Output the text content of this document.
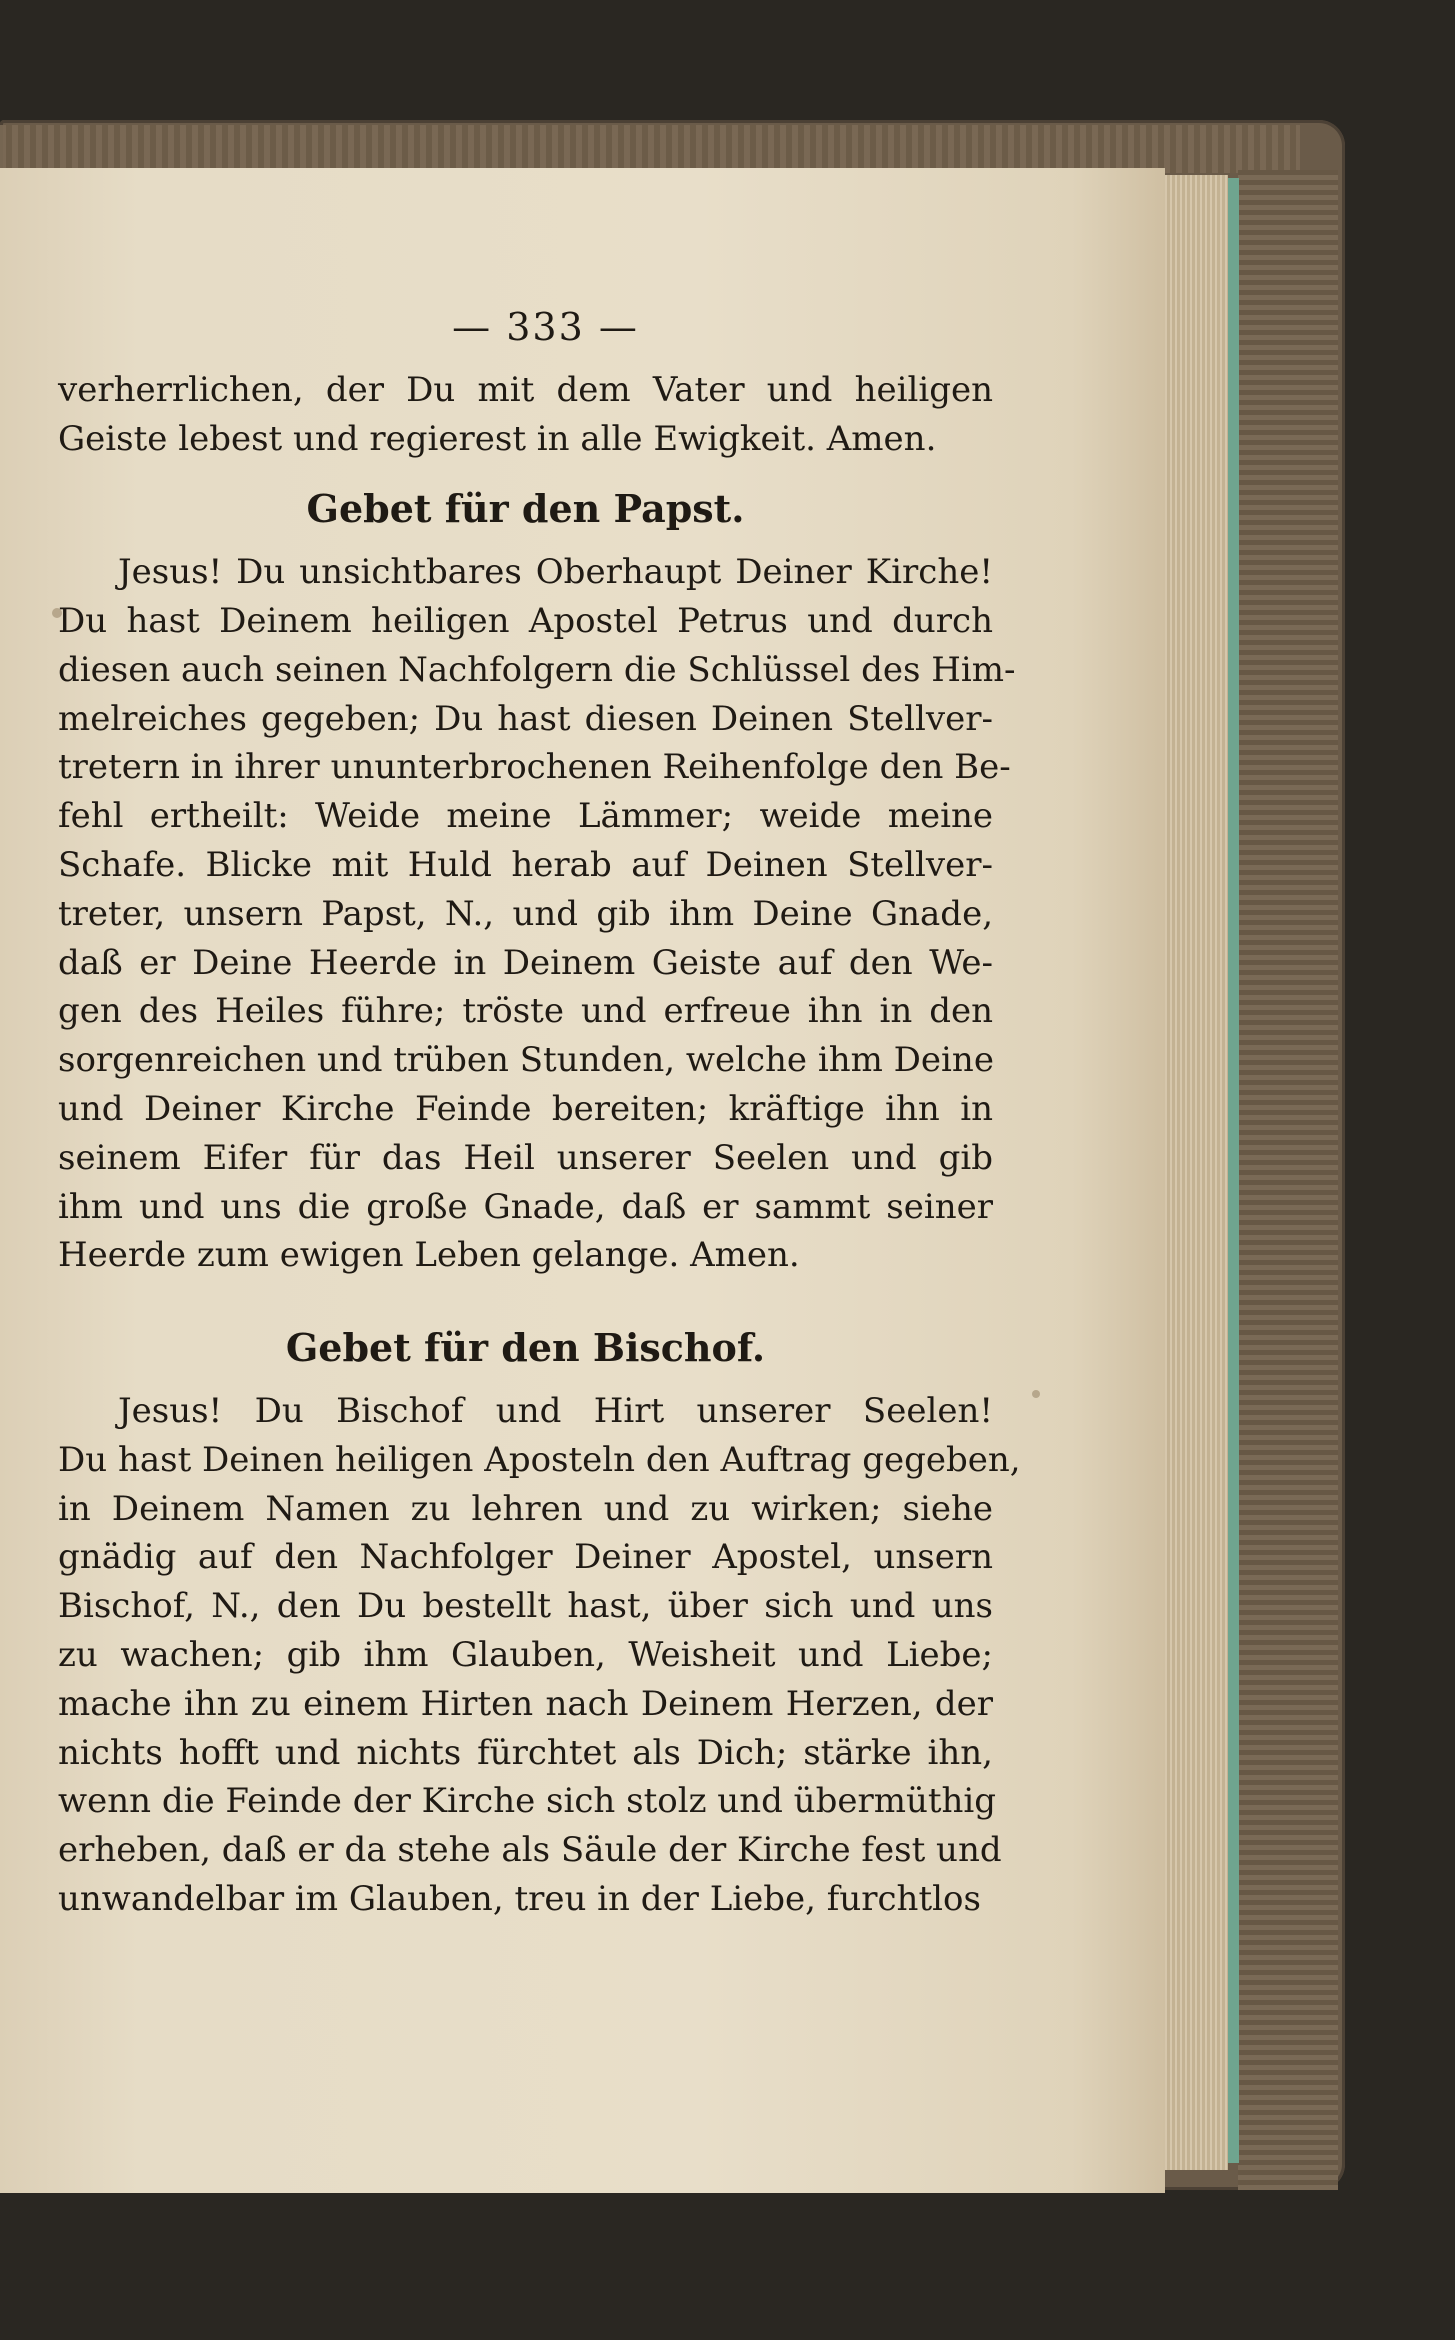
— 333 —
verherrlichen, der Du mit dem Vater und heiligen
Geiste lebest und regierest in alle Ewigkeit. Amen.
Gebet für den Papst.
Jesus! Du unsichtbares Oberhaupt Deiner Kirche!
Du hast Deinem heiligen Apostel Petrus und durch
diesen auch seinen Nachfolgern die Schlüssel des Him-
melreiches gegeben; Du hast diesen Deinen Stellver-
tretern in ihrer ununterbrochenen Reihenfolge den Be-
fehl ertheilt: Weide meine Lämmer; weide meine
Schafe. Blicke mit Huld herab auf Deinen Stellver-
treter, unsern Papst, N., und gib ihm Deine Gnade,
daß er Deine Heerde in Deinem Geiste auf den We-
gen des Heiles führe; tröste und erfreue ihn in den
sorgenreichen und trüben Stunden, welche ihm Deine
und Deiner Kirche Feinde bereiten; kräftige ihn in
seinem Eifer für das Heil unserer Seelen und gib
ihm und uns die große Gnade, daß er sammt seiner
Heerde zum ewigen Leben gelange. Amen.
Gebet für den Bischof.
Jesus! Du Bischof und Hirt unserer Seelen!
Du hast Deinen heiligen Aposteln den Auftrag gegeben,
in Deinem Namen zu lehren und zu wirken; siehe
gnädig auf den Nachfolger Deiner Apostel, unsern
Bischof, N., den Du bestellt hast, über sich und uns
zu wachen; gib ihm Glauben, Weisheit und Liebe;
mache ihn zu einem Hirten nach Deinem Herzen, der
nichts hofft und nichts fürchtet als Dich; stärke ihn,
wenn die Feinde der Kirche sich stolz und übermüthig
erheben, daß er da stehe als Säule der Kirche fest und
unwandelbar im Glauben, treu in der Liebe, furchtlos
